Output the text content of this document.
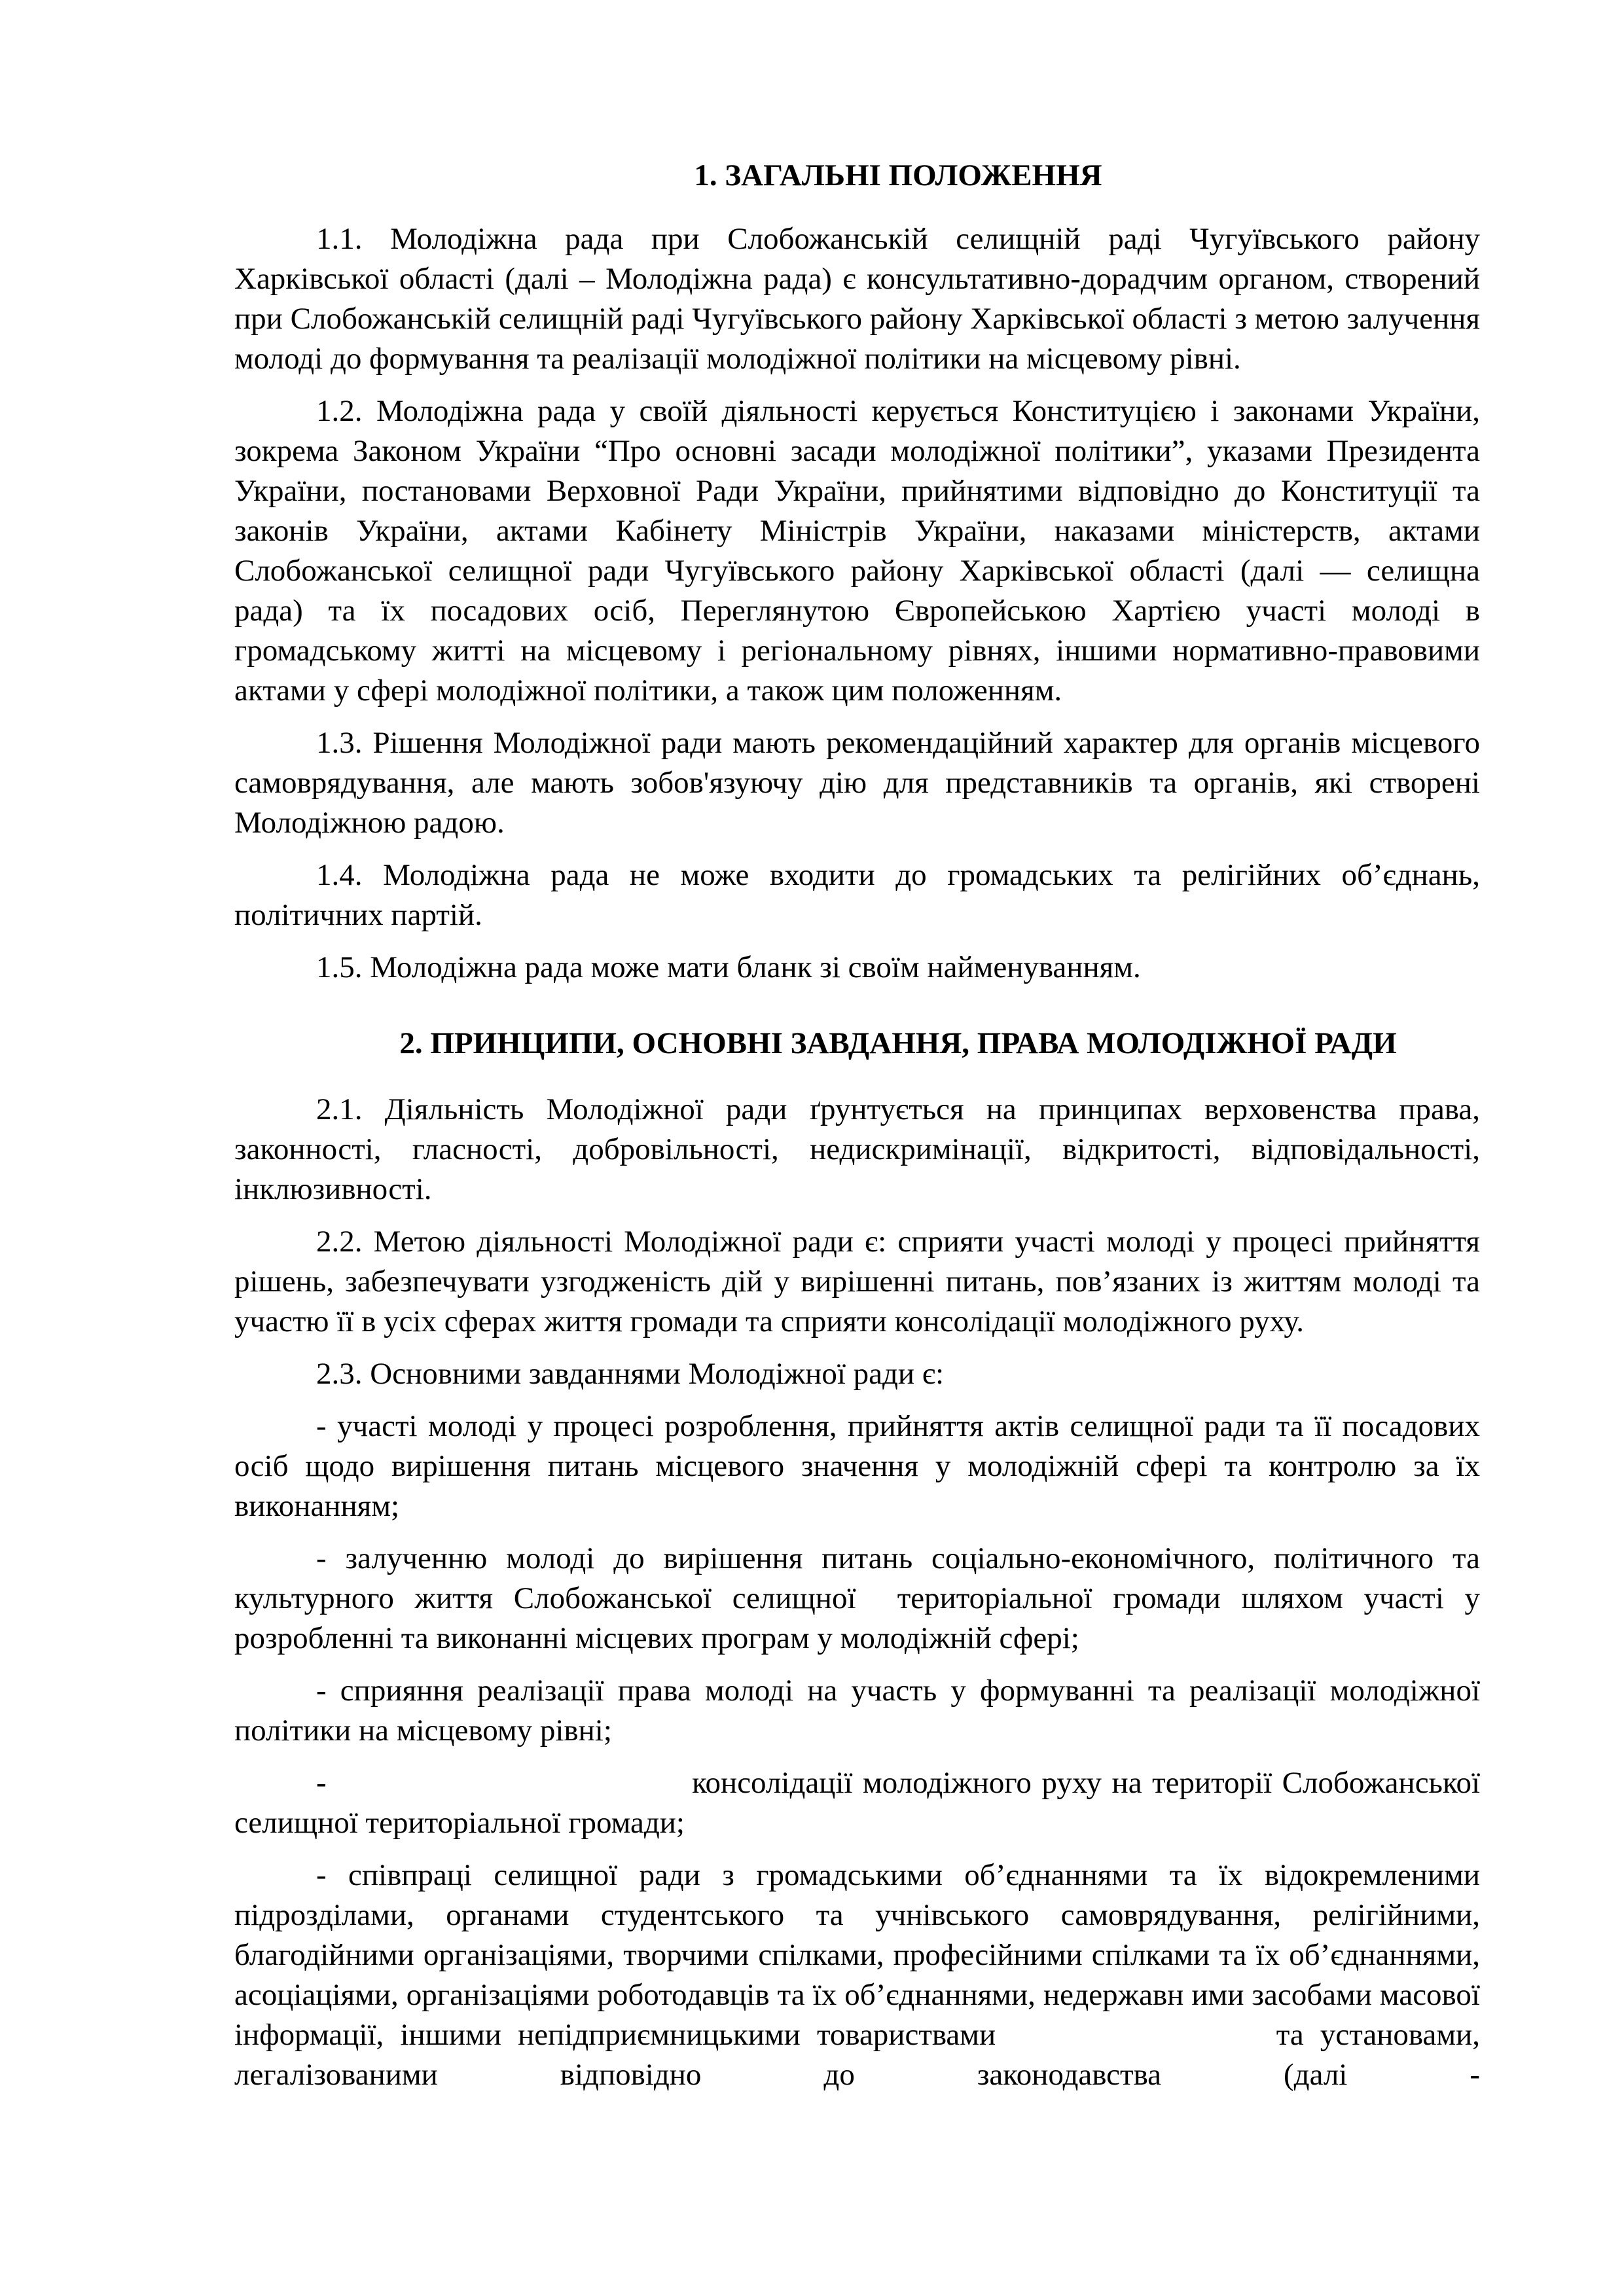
1. ЗАГАЛЬНІ ПОЛОЖЕННЯ
1.1. Молодіжна рада при Слобожанській селищній раді Чугуївського району Харківської області (далі – Молодіжна рада) є консультативно-дорадчим органом, створений при Слобожанській селищній раді Чугуївського району Харківської області з метою залучення молоді до формування та реалізації молодіжної політики на місцевому рівні.
1.2. Молодіжна рада у своїй діяльності керується Конституцією і законами України, зокрема Законом України “Про основні засади молодіжної політики”, указами Президента України, постановами Верховної Ради України, прийнятими відповідно до Конституції та законів України, актами Кабінету Міністрів України, наказами міністерств, актами Слобожанської селищної ради Чугуївського району Харківської області (далі — селищна рада) та їх посадових осіб, Переглянутою Європейською Хартією участі молоді в громадському житті на місцевому і регіональному рівнях, іншими нормативно-правовими актами у сфері молодіжної політики, а також цим положенням.
1.3. Рішення Молодіжної ради мають рекомендаційний характер для органів місцевого самоврядування, але мають зобов'язуючу дію для представників та органів, які створені Молодіжною радою.
1.4. Молодіжна рада не може входити до громадських та релігійних об’єднань, політичних партій.
1.5. Молодіжна рада може мати бланк зі своїм найменуванням.
2. ПРИНЦИПИ, ОСНОВНІ ЗАВДАННЯ, ПРАВА МОЛОДІЖНОЇ РАДИ
2.1. Діяльність Молодіжної ради ґрунтується на принципах верховенства права, законності, гласності, добровільності, недискримінації, відкритості, відповідальності, інклюзивності.
2.2. Метою діяльності Молодіжної ради є: сприяти участі молоді у процесі прийняття рішень, забезпечувати узгодженість дій у вирішенні питань, пов’язаних із життям молоді та участю її в усіх сферах життя громади та сприяти консолідації молодіжного руху.
2.3. Основними завданнями Молодіжної ради є:
- участі молоді у процесі розроблення, прийняття актів селищної ради та її посадових осіб щодо вирішення питань місцевого значення у молодіжній сфері та контролю за їх виконанням;
- залученню молоді до вирішення питань соціально-економічного, політичного та культурного життя Слобожанської селищної  територіальної громади шляхом участі у розробленні та виконанні місцевих програм у молодіжній сфері;
- сприяння реалізації права молоді на участь у формуванні та реалізації молодіжної політики на місцевому рівні;
-                                    консолідації молодіжного руху на території Слобожанської селищної територіальної громади;
- співпраці селищної ради з громадськими об’єднаннями та їх відокремленими підрозділами, органами студентського та учнівського самоврядування, релігійними, благодійними організаціями, творчими спілками, професійними спілками та їх об’єднаннями, асоціаціями, організаціями роботодавців та їх об’єднаннями, недержавн ими засобами масової інформації, іншими непідприємницькими товариствами                 та установами, легалізованими відповідно до законодавства (далі -
